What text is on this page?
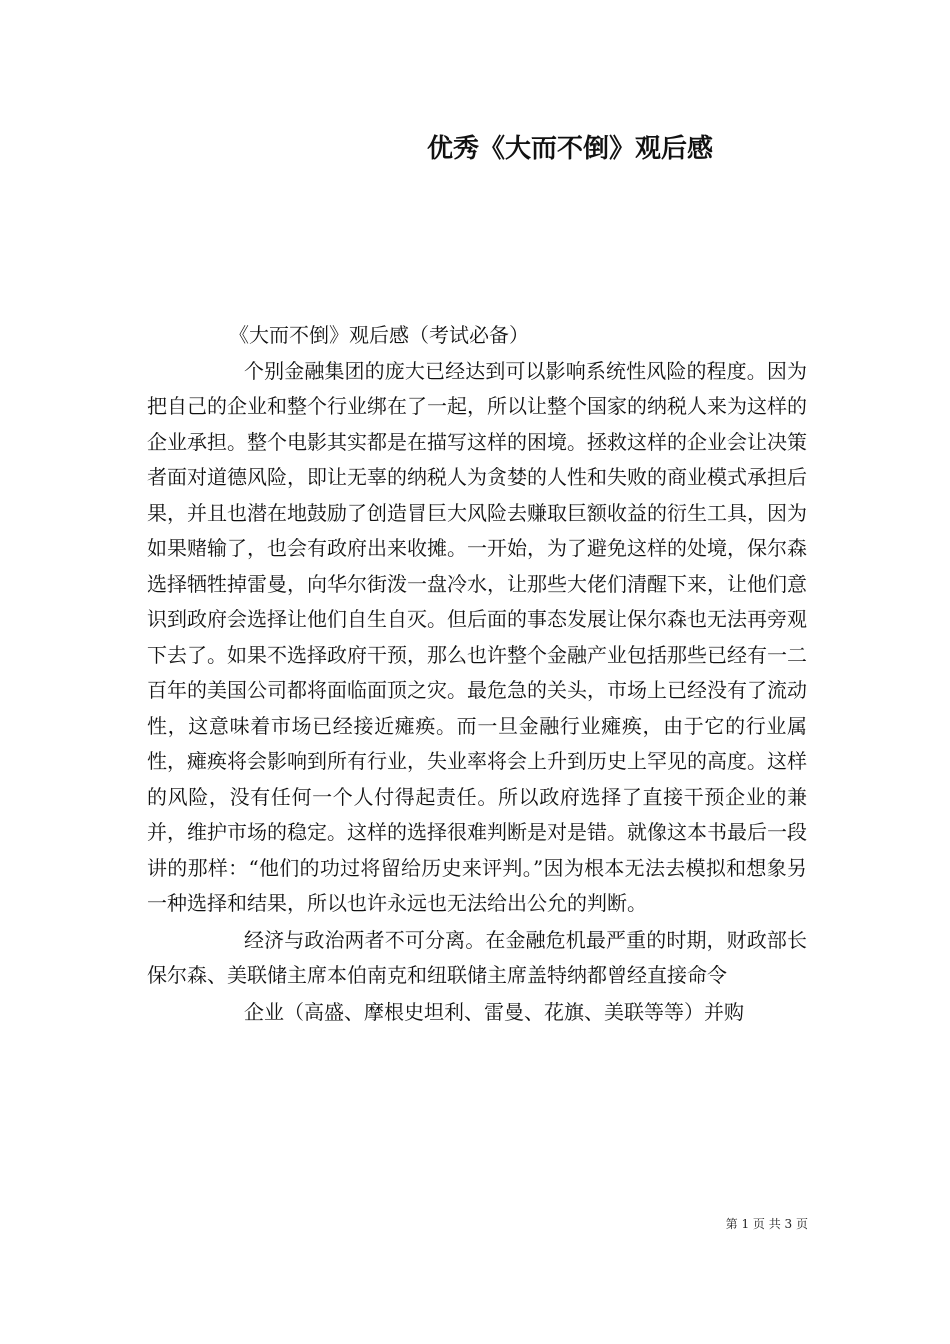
优秀《大而不倒》观后感

《大而不倒》观后感（考试必备）

个别金融集团的庞大已经达到可以影响系统性风险的程度。因为把自己的企业和整个行业绑在了一起，所以让整个国家的纳税人来为这样的企业承担。整个电影其实都是在描写这样的困境。拯救这样的企业会让决策者面对道德风险，即让无辜的纳税人为贪婪的人性和失败的商业模式承担后果，并且也潜在地鼓励了创造冒巨大风险去赚取巨额收益的衍生工具，因为如果赌输了，也会有政府出来收摊。一开始，为了避免这样的处境，保尔森选择牺牲掉雷曼，向华尔街泼一盘冷水，让那些大佬们清醒下来，让他们意识到政府会选择让他们自生自灭。但后面的事态发展让保尔森也无法再旁观下去了。如果不选择政府干预，那么也许整个金融产业包括那些已经有一二百年的美国公司都将面临面顶之灾。最危急的关头，市场上已经没有了流动性，这意味着市场已经接近瘫痪。而一旦金融行业瘫痪，由于它的行业属性，瘫痪将会影响到所有行业，失业率将会上升到历史上罕见的高度。这样的风险，没有任何一个人付得起责任。所以政府选择了直接干预企业的兼并，维护市场的稳定。这样的选择很难判断是对是错。就像这本书最后一段讲的那样：“他们的功过将留给历史来评判。”因为根本无法去模拟和想象另一种选择和结果，所以也许永远也无法给出公允的判断。

经济与政治两者不可分离。在金融危机最严重的时期，财政部长保尔森、美联储主席本伯南克和纽联储主席盖特纳都曾经直接命令

企业（高盛、摩根史坦利、雷曼、花旗、美联等等）并购

第 1 页 共 3 页
